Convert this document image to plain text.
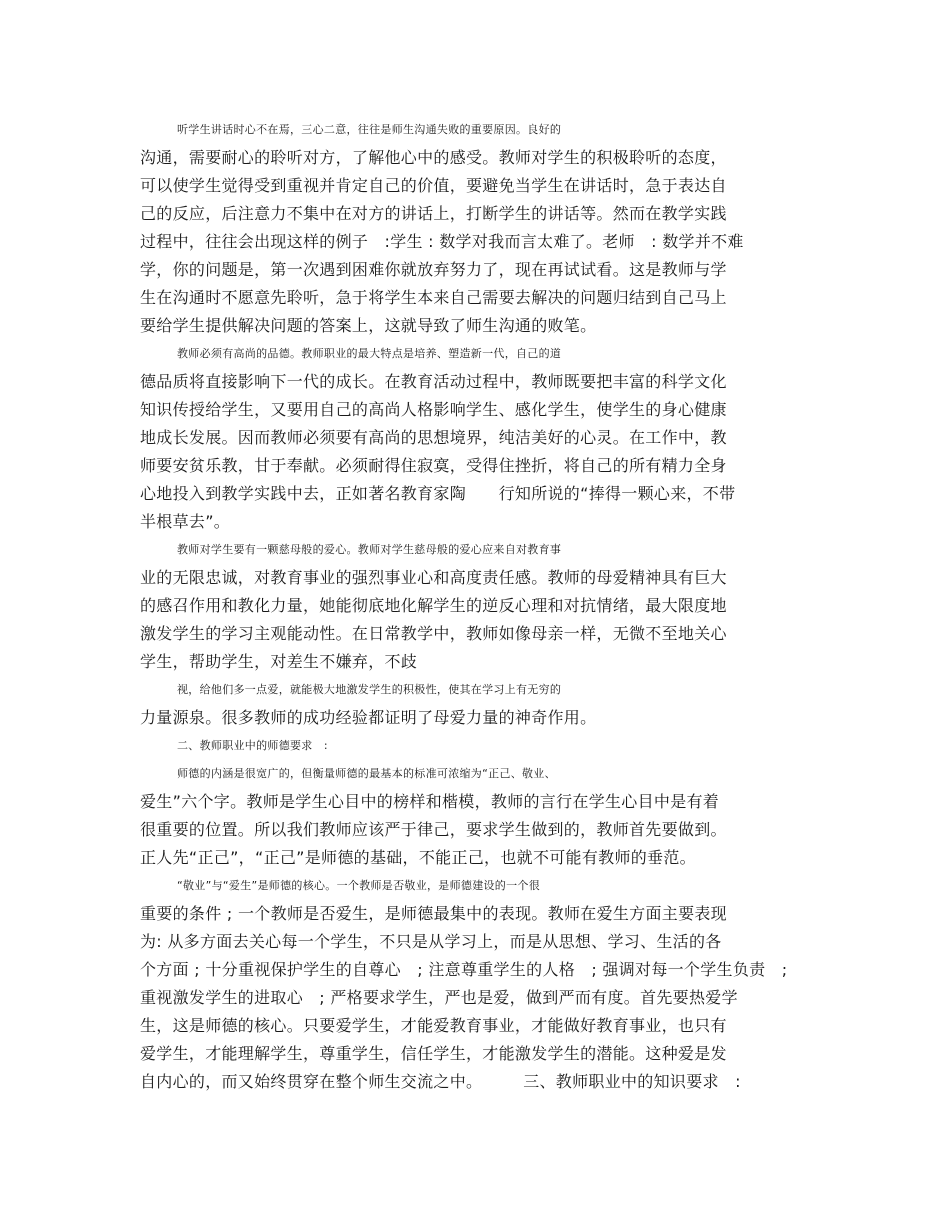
听学生讲话时心不在焉，三心二意，往往是师生沟通失败的重要原因。良好的
沟通，需要耐心的聆听对方，了解他心中的感受。教师对学生的积极聆听的态度，
可以使学生觉得受到重视并肯定自己的价值，要避免当学生在讲话时，急于表达自
己的反应，后注意力不集中在对方的讲话上，打断学生的讲话等。然而在教学实践
过程中，往往会出现这样的例子　:学生 : 数学对我而言太难了。老师　: 数学并不难
学，你的问题是，第一次遇到困难你就放弃努力了，现在再试试看。这是教师与学
生在沟通时不愿意先聆听，急于将学生本来自己需要去解决的问题归结到自己马上
要给学生提供解决问题的答案上，这就导致了师生沟通的败笔。
教师必须有高尚的品德。教师职业的最大特点是培养、塑造新一代，自己的道
德品质将直接影响下一代的成长。在教育活动过程中，教师既要把丰富的科学文化
知识传授给学生，又要用自己的高尚人格影响学生、感化学生，使学生的身心健康
地成长发展。因而教师必须要有高尚的思想境界，纯洁美好的心灵。在工作中，教
师要安贫乐教，甘于奉献。必须耐得住寂寞，受得住挫折，将自己的所有精力全身
心地投入到教学实践中去，正如著名教育家陶　　行知所说的“捧得一颗心来，不带
半根草去”。
教师对学生要有一颗慈母般的爱心。教师对学生慈母般的爱心应来自对教育事
业的无限忠诚，对教育事业的强烈事业心和高度责任感。教师的母爱精神具有巨大
的感召作用和教化力量，她能彻底地化解学生的逆反心理和对抗情绪，最大限度地
激发学生的学习主观能动性。在日常教学中，教师如像母亲一样，无微不至地关心
学生，帮助学生，对差生不嫌弃，不歧
视，给他们多一点爱，就能极大地激发学生的积极性，使其在学习上有无穷的
力量源泉。很多教师的成功经验都证明了母爱力量的神奇作用。
二、教师职业中的师德要求　:
师德的内涵是很宽广的，但衡量师德的最基本的标准可浓缩为“正己、敬业、
爱生”六个字。教师是学生心目中的榜样和楷模，教师的言行在学生心目中是有着
很重要的位置。所以我们教师应该严于律己，要求学生做到的，教师首先要做到。
正人先“正己”，“正己”是师德的基础，不能正己，也就不可能有教师的垂范。
“敬业”与“爱生”是师德的核心。一个教师是否敬业，是师德建设的一个很
重要的条件 ; 一个教师是否爱生，是师德最集中的表现。教师在爱生方面主要表现
为: 从多方面去关心每一个学生，不只是从学习上，而是从思想、学习、生活的各
个方面 ; 十分重视保护学生的自尊心　; 注意尊重学生的人格　; 强调对每一个学生负责　;
重视激发学生的进取心　; 严格要求学生，严也是爱，做到严而有度。首先要热爱学
生，这是师德的核心。只要爱学生，才能爱教育事业，才能做好教育事业，也只有
爱学生，才能理解学生，尊重学生，信任学生，才能激发学生的潜能。这种爱是发
自内心的，而又始终贯穿在整个师生交流之中。　　　三、教师职业中的知识要求　:
